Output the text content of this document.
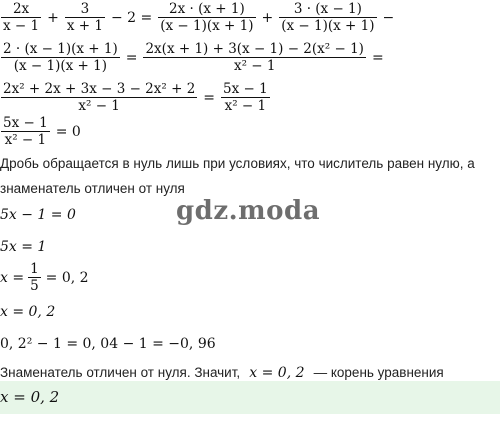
$\frac{2x}{x - 1} + \frac{3}{x + 1} - 2 = \frac{2x \cdot (x + 1)}{(x - 1)(x + 1)} + \frac{3 \cdot (x - 1)}{(x - 1)(x + 1)}$ −
$\frac{2 \cdot (x - 1)(x + 1)}{(x - 1)(x + 1)} = \frac{\text{2x(x + 1) + 3(x − 1) − 2(x² − 1)}}{\text{x² − 1}}$ =
$\frac{\text{2x² + 2x + 3x − 3 − 2x² + 2}}{\text{x² − 1}} = \frac{5x - 1}{\text{x² − 1}}$
$\frac{5x - 1}{\text{x² − 1}} = 0$
Дробь обращается в нуль лишь при условиях, что числитель равен нулю, а
знаменатель отличен от нуля
gdz.moda
5x − 1 = 0
5x = 1
$x = \frac{1}{5} = 0$, 2
x = 0, 2
0, 2² − 1 = 0, 04 − 1 = −0, 96
Знаменатель отличен от нуля. Значит, x = 0, 2 — корень уравнения
x = 0, 2
